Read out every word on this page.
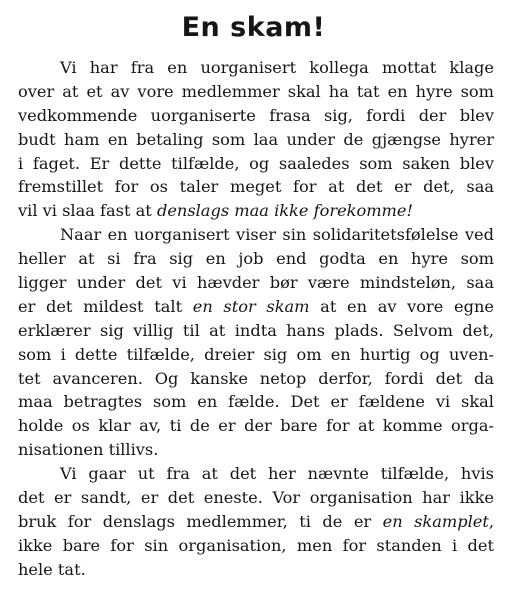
En skam!
Vi har fra en uorganisert kollega mottat klage
over at et av vore medlemmer skal ha tat en hyre som
vedkommende uorganiserte frasa sig, fordi der blev
budt ham en betaling som laa under de gjængse hyrer
i faget. Er dette tilfælde, og saaledes som saken blev
fremstillet for os taler meget for at det er det, saa
vil vi slaa fast at denslags maa ikke forekomme!
Naar en uorganisert viser sin solidaritetsfølelse ved
heller at si fra sig en job end godta en hyre som
ligger under det vi hævder bør være mindsteløn, saa
er det mildest talt en stor skam at en av vore egne
erklærer sig villig til at indta hans plads. Selvom det,
som i dette tilfælde, dreier sig om en hurtig og uven-
tet avanceren. Og kanske netop derfor, fordi det da
maa betragtes som en fælde. Det er fældene vi skal
holde os klar av, ti de er der bare for at komme orga-
nisationen tillivs.
Vi gaar ut fra at det her nævnte tilfælde, hvis
det er sandt, er det eneste. Vor organisation har ikke
bruk for denslags medlemmer, ti de er en skamplet,
ikke bare for sin organisation, men for standen i det
hele tat.
